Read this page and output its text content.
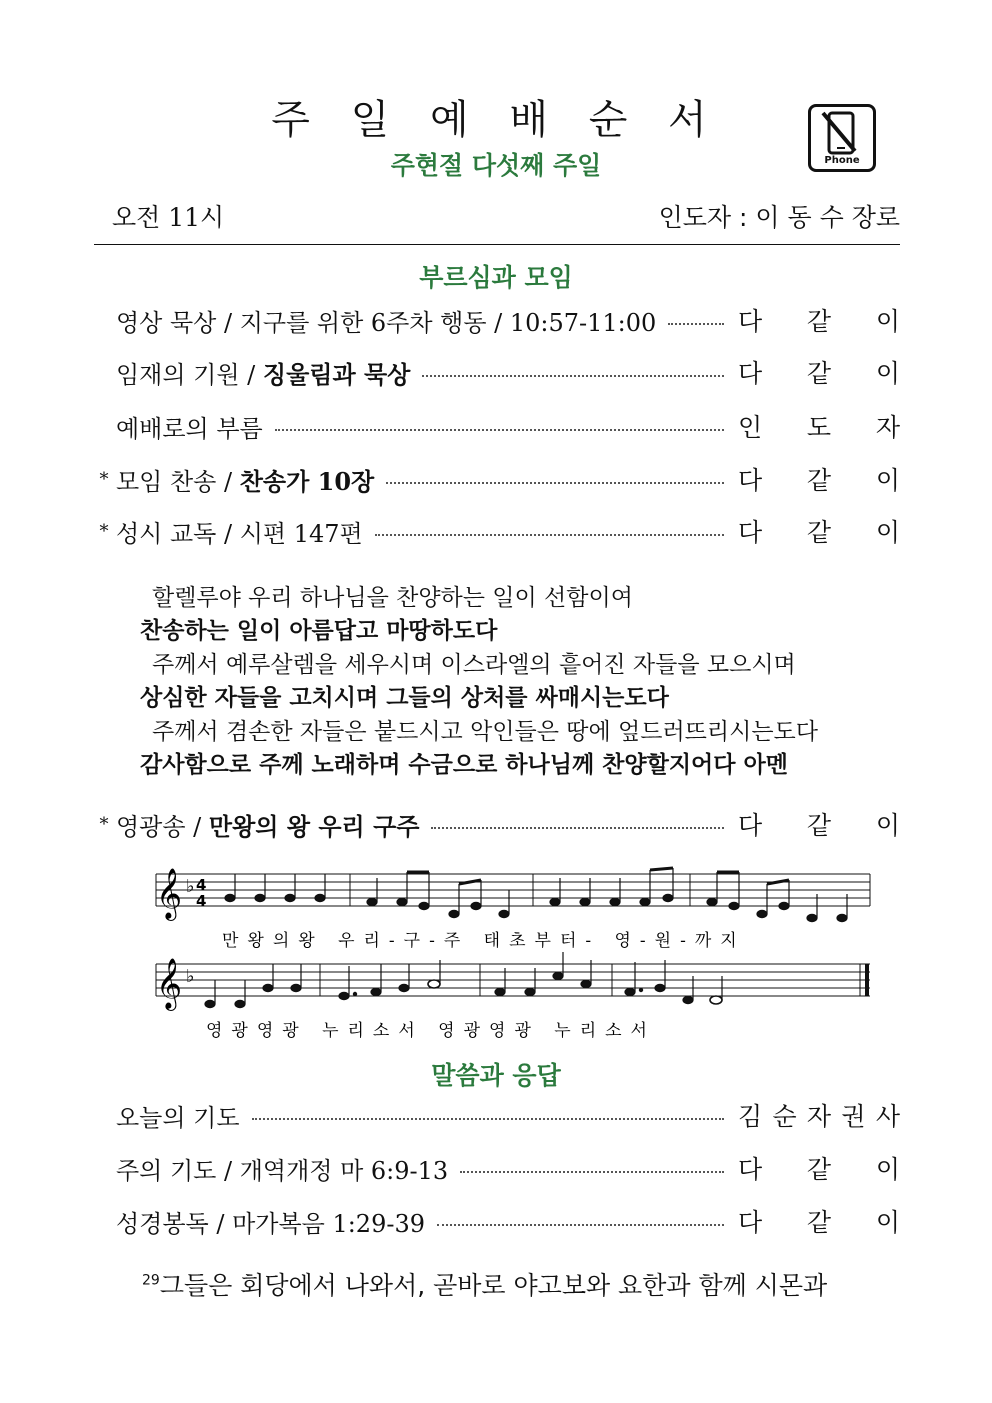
주 일 예 배 순 서
주현절 다섯째 주일	Phone
오전 11시	인도자 : 이 동 수 장로
부르심과 모임
영상 묵상 / 지구를 위한 6주차 행동 / 10:57-11:00	다 같 이
임재의 기원 / 징울림과 묵상	다 같 이
예배로의 부름	인 도 자
* 모임 찬송 / 찬송가 10장	다 같 이
* 성시 교독 / 시편 147편	다 같 이
할렐루야 우리 하나님을 찬양하는 일이 선함이여
찬송하는 일이 아름답고 마땅하도다
주께서 예루살렘을 세우시며 이스라엘의 흩어진 자들을 모으시며
상심한 자들을 고치시며 그들의 상처를 싸매시는도다
주께서 겸손한 자들은 붙드시고 악인들은 땅에 엎드러뜨리시는도다
감사함으로 주께 노래하며 수금으로 하나님께 찬양할지어다 아멘
* 영광송 / 만왕의 왕 우리 구주	다 같 이
𝄞 ♭ 4
4
만왕의왕 우리-구-주 태초부터- 영-원-까지
𝄞 ♭
영광영광 누리소서 영광영광 누리소서
말씀과 응답
오늘의 기도	김 순 자 권 사
주의 기도 / 개역개정 마 6:9-13	다 같 이
성경봉독 / 마가복음 1:29-39	다 같 이
$^{29}$그들은 회당에서 나와서, 곧바로 야고보와 요한과 함께 시몬과
